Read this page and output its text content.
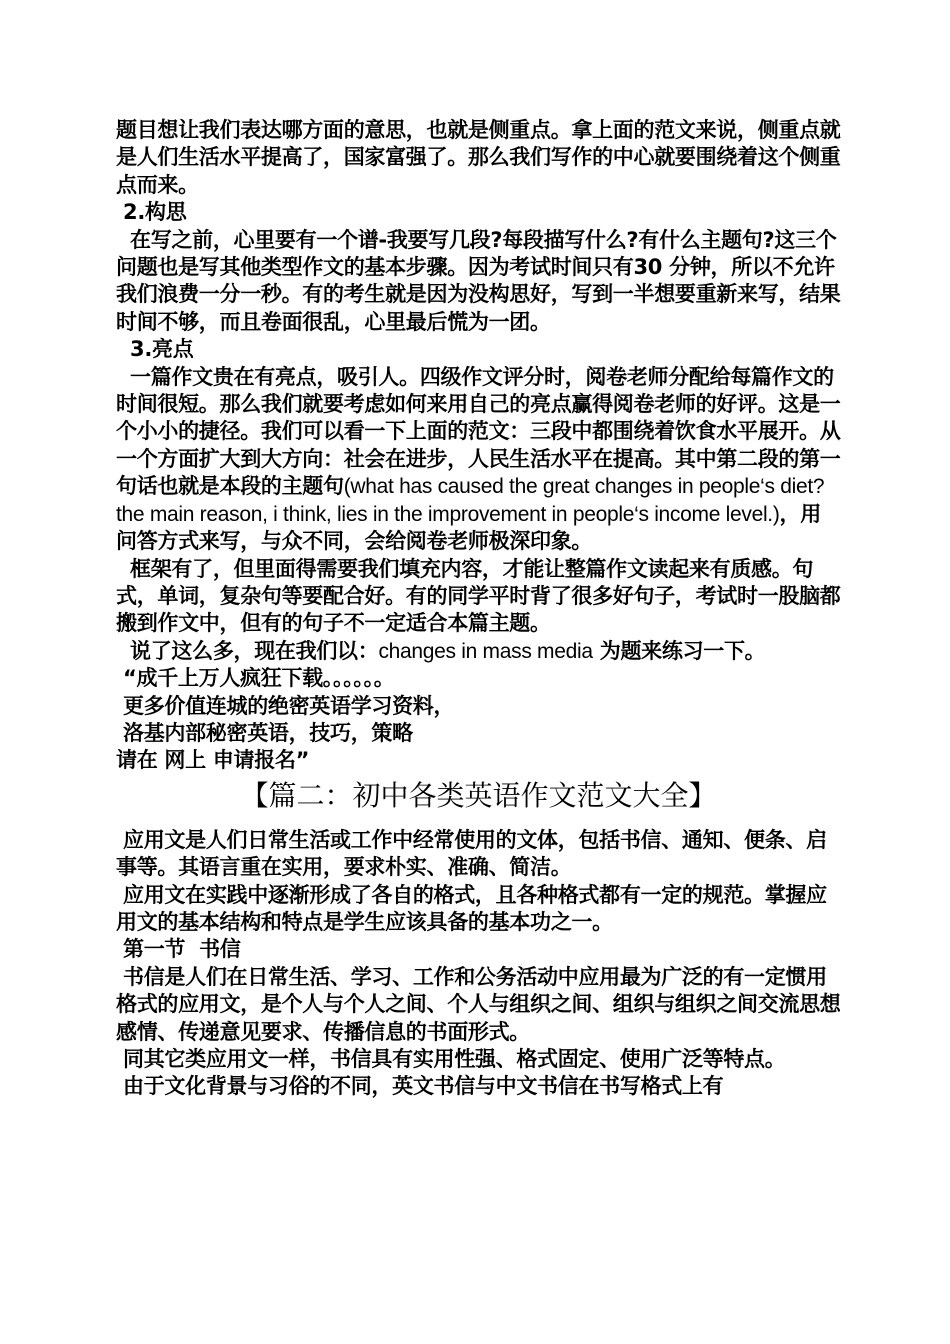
题目想让我们表达哪方面的意思，也就是侧重点。拿上面的范文来说，侧重点就是人们生活水平提高了，国家富强了。那么我们写作的中心就要围绕着这个侧重点而来。

2.构思

在写之前，心里要有一个谱-我要写几段?每段描写什么?有什么主题句?这三个问题也是写其他类型作文的基本步骤。因为考试时间只有30 分钟，所以不允许我们浪费一分一秒。有的考生就是因为没构思好，写到一半想要重新来写，结果时间不够，而且卷面很乱，心里最后慌为一团。

3.亮点

一篇作文贵在有亮点，吸引人。四级作文评分时，阅卷老师分配给每篇作文的时间很短。那么我们就要考虑如何来用自己的亮点赢得阅卷老师的好评。这是一个小小的捷径。我们可以看一下上面的范文：三段中都围绕着饮食水平展开。从一个方面扩大到大方向：社会在进步，人民生活水平在提高。其中第二段的第一句话也就是本段的主题句(what has caused the great changes in people‘s diet? the main reason, i think, lies in the improvement in people‘s income level.)，用问答方式来写，与众不同，会给阅卷老师极深印象。

框架有了，但里面得需要我们填充内容，才能让整篇作文读起来有质感。句式，单词，复杂句等要配合好。有的同学平时背了很多好句子，考试时一股脑都搬到作文中，但有的句子不一定适合本篇主题。

说了这么多，现在我们以：changes in mass media 为题来练习一下。

“成千上万人疯狂下载。。。。。。

更多价值连城的绝密英语学习资料，

洛基内部秘密英语，技巧，策略

请在 网上 申请报名”

【篇二：初中各类英语作文范文大全】

应用文是人们日常生活或工作中经常使用的文体，包括书信、通知、便条、启事等。其语言重在实用，要求朴实、准确、简洁。

应用文在实践中逐渐形成了各自的格式，且各种格式都有一定的规范。掌握应用文的基本结构和特点是学生应该具备的基本功之一。

第一节  书信

书信是人们在日常生活、学习、工作和公务活动中应用最为广泛的有一定惯用格式的应用文，是个人与个人之间、个人与组织之间、组织与组织之间交流思想感情、传递意见要求、传播信息的书面形式。

同其它类应用文一样，书信具有实用性强、格式固定、使用广泛等特点。

由于文化背景与习俗的不同，英文书信与中文书信在书写格式上有
